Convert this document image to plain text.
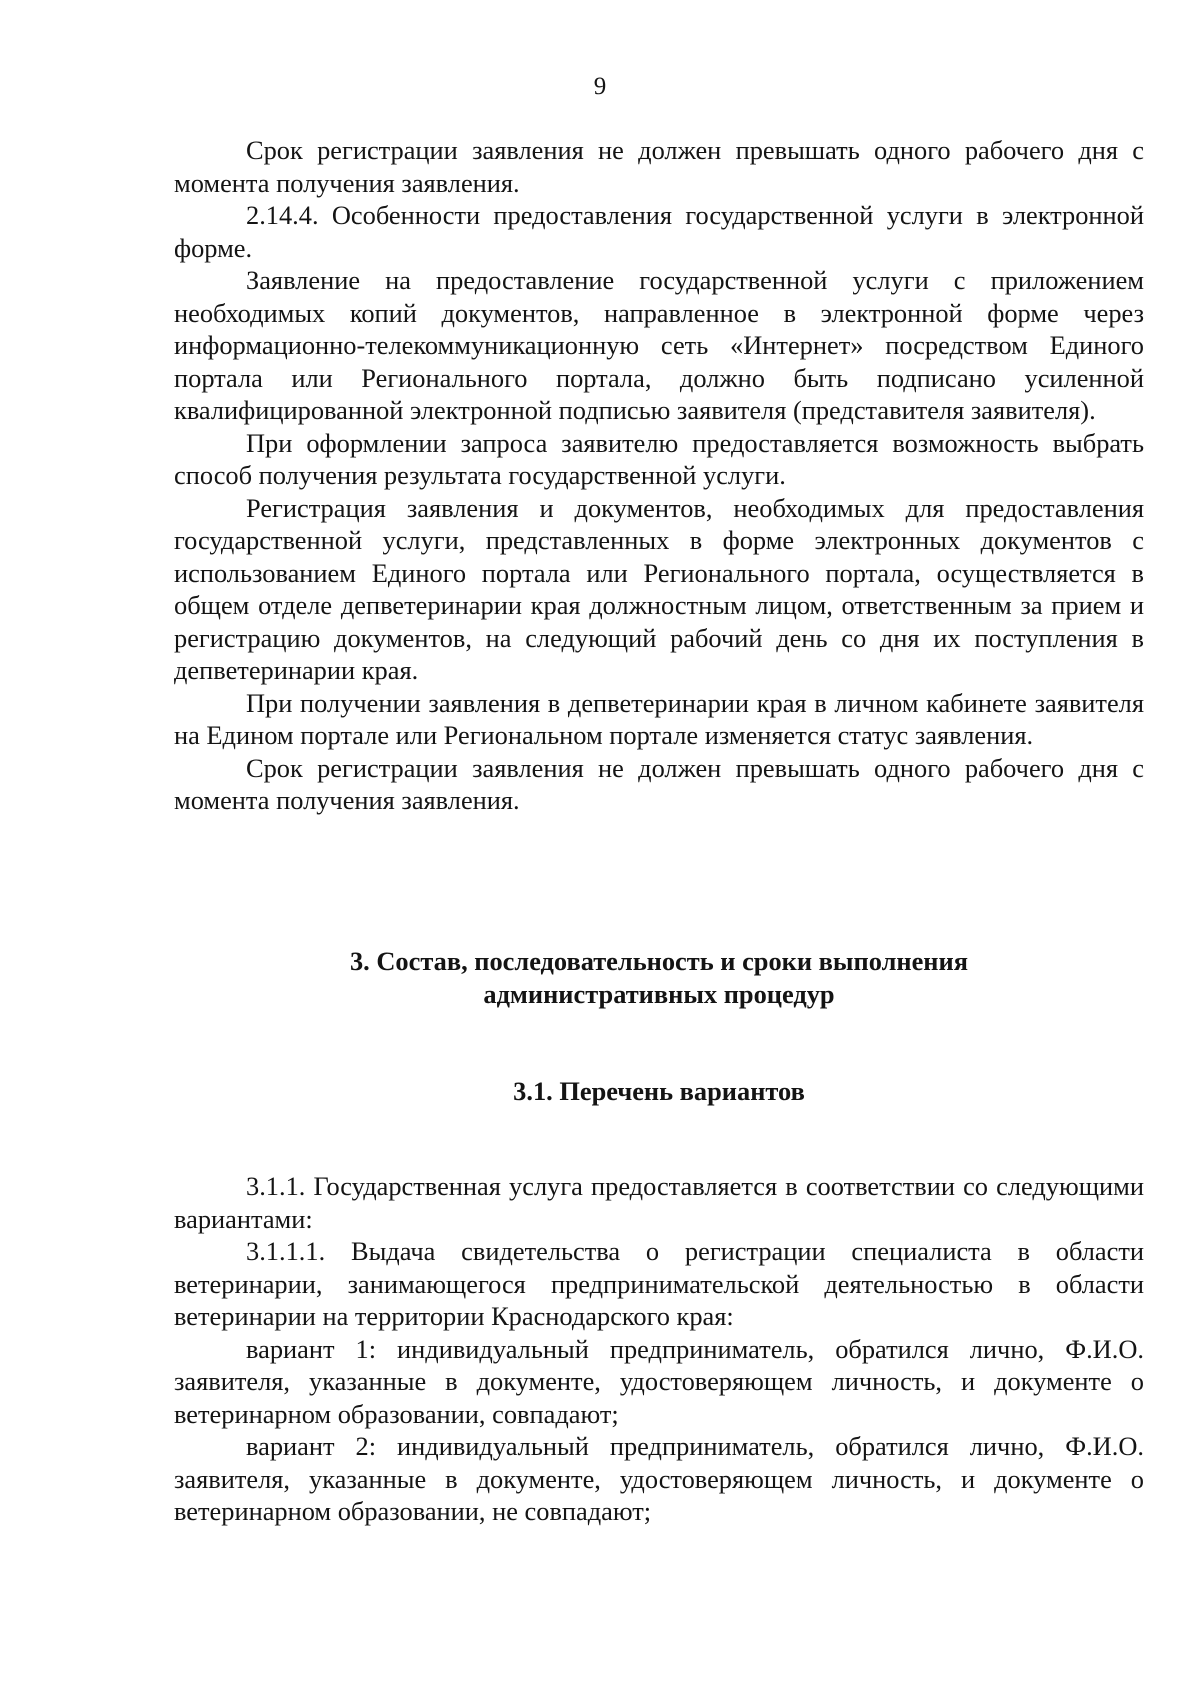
9

Срок регистрации заявления не должен превышать одного рабочего дня с момента получения заявления.

2.14.4. Особенности предоставления государственной услуги в электронной форме.

Заявление на предоставление государственной услуги с приложением необходимых копий документов, направленное в электронной форме через информационно-телекоммуникационную сеть «Интернет» посредством Единого портала или Регионального портала, должно быть подписано усиленной квалифицированной электронной подписью заявителя (представителя заявителя).

При оформлении запроса заявителю предоставляется возможность выбрать способ получения результата государственной услуги.

Регистрация заявления и документов, необходимых для предоставления государственной услуги, представленных в форме электронных документов с использованием Единого портала или Регионального портала, осуществляется в общем отделе депветеринарии края должностным лицом, ответственным за прием и регистрацию документов, на следующий рабочий день со дня их поступления в депветеринарии края.

При получении заявления в депветеринарии края в личном кабинете заявителя на Едином портале или Региональном портале изменяется статус заявления.

Срок регистрации заявления не должен превышать одного рабочего дня с момента получения заявления.

3. Состав, последовательность и сроки выполнения

административных процедур

3.1. Перечень вариантов

3.1.1. Государственная услуга предоставляется в соответствии со следующими вариантами:

3.1.1.1. Выдача свидетельства о регистрации специалиста в области ветеринарии, занимающегося предпринимательской деятельностью в области ветеринарии на территории Краснодарского края:

вариант 1: индивидуальный предприниматель, обратился лично, Ф.И.О. заявителя, указанные в документе, удостоверяющем личность, и документе о ветеринарном образовании, совпадают;

вариант 2: индивидуальный предприниматель, обратился лично, Ф.И.О. заявителя, указанные в документе, удостоверяющем личность, и документе о ветеринарном образовании, не совпадают;
